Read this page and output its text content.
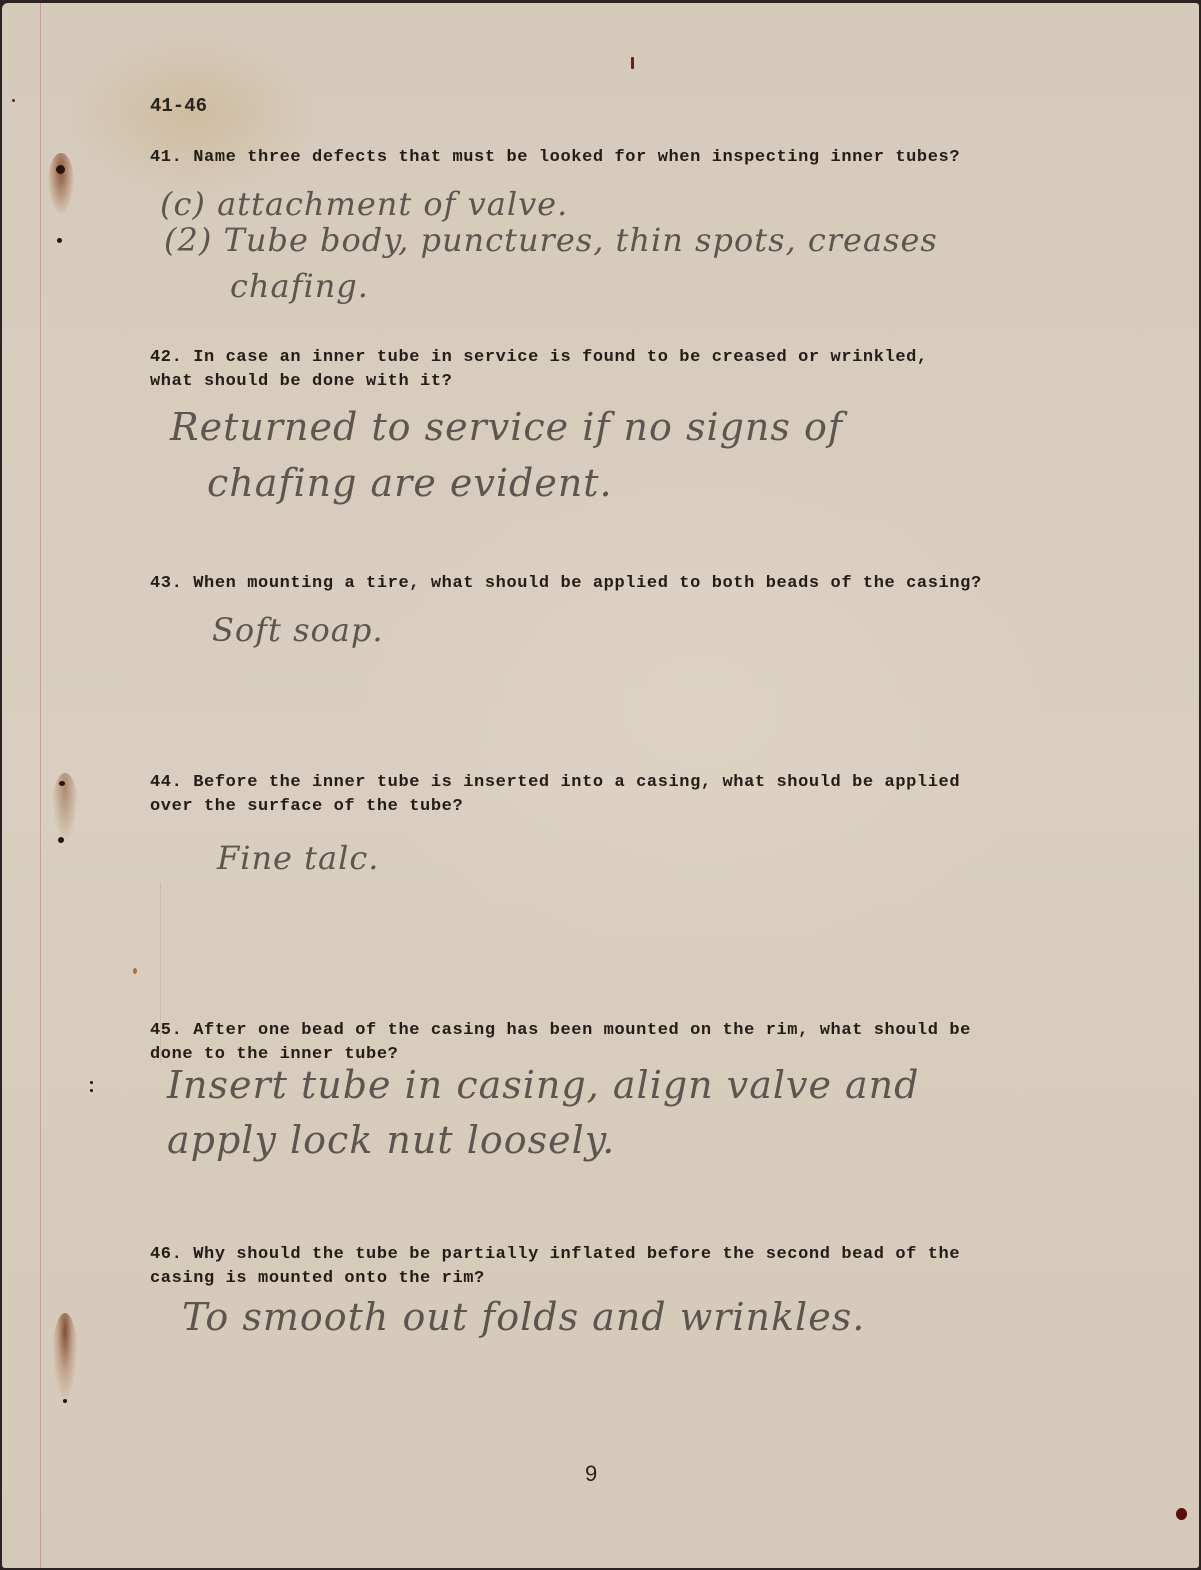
41-46
41. Name three defects that must be looked for when inspecting inner tubes?
(c) attachment of valve.
(2) Tube body, punctures, thin spots, creases
chafing.
42. In case an inner tube in service is found to be creased or wrinkled,
what should be done with it?
Returned to service if no signs of
chafing are evident.
43. When mounting a tire, what should be applied to both beads of the casing?
Soft soap.
44. Before the inner tube is inserted into a casing, what should be applied
over the surface of the tube?
Fine talc.
45. After one bead of the casing has been mounted on the rim, what should be
done to the inner tube?
Insert tube in casing, align valve and
apply lock nut loosely.
46. Why should the tube be partially inflated before the second bead of the
casing is mounted onto the rim?
To smooth out folds and wrinkles.
9
